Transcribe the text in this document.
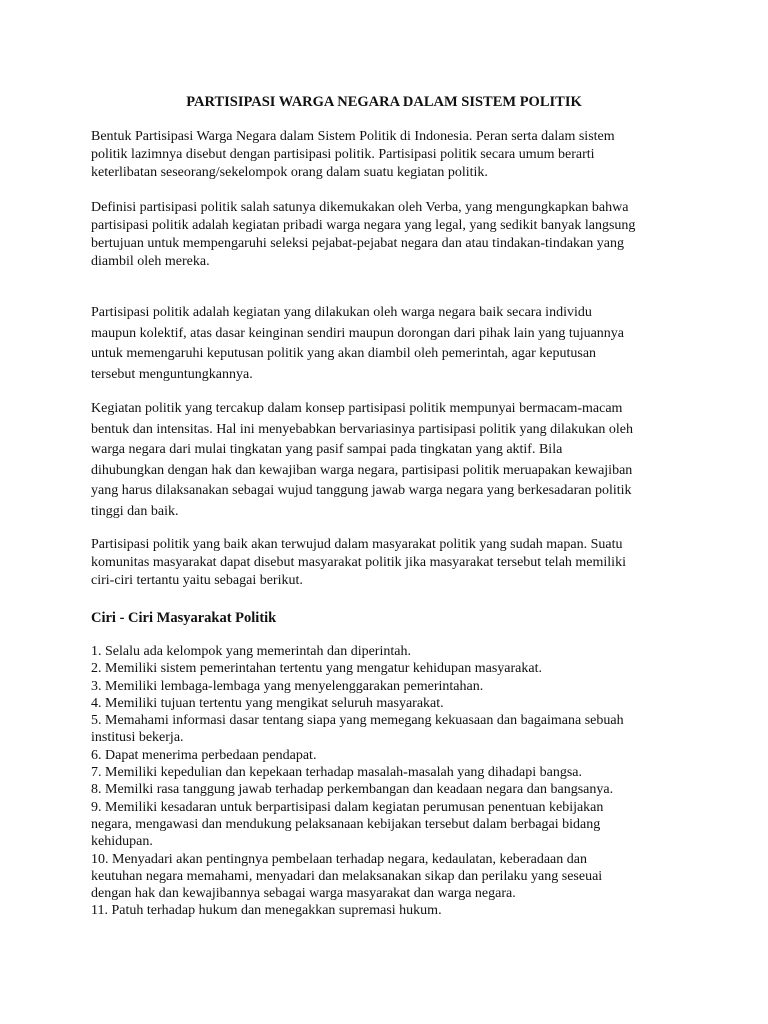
PARTISIPASI WARGA NEGARA DALAM SISTEM POLITIK

Bentuk Partisipasi Warga Negara dalam Sistem Politik di Indonesia. Peran serta dalam sistem
politik lazimnya disebut dengan partisipasi politik. Partisipasi politik secara umum berarti
keterlibatan seseorang/sekelompok orang dalam suatu kegiatan politik.

Definisi partisipasi politik salah satunya dikemukakan oleh Verba, yang mengungkapkan bahwa
partisipasi politik adalah kegiatan pribadi warga negara yang legal, yang sedikit banyak langsung
bertujuan untuk mempengaruhi seleksi pejabat-pejabat negara dan atau tindakan-tindakan yang
diambil oleh mereka.

Partisipasi politik adalah kegiatan yang dilakukan oleh warga negara baik secara individu
maupun kolektif, atas dasar keinginan sendiri maupun dorongan dari pihak lain yang tujuannya
untuk memengaruhi keputusan politik yang akan diambil oleh pemerintah, agar keputusan
tersebut menguntungkannya.

Kegiatan politik yang tercakup dalam konsep partisipasi politik mempunyai bermacam-macam
bentuk dan intensitas. Hal ini menyebabkan bervariasinya partisipasi politik yang dilakukan oleh
warga negara dari mulai tingkatan yang pasif sampai pada tingkatan yang aktif. Bila
dihubungkan dengan hak dan kewajiban warga negara, partisipasi politik meruapakan kewajiban
yang harus dilaksanakan sebagai wujud tanggung jawab warga negara yang berkesadaran politik
tinggi dan baik.

Partisipasi politik yang baik akan terwujud dalam masyarakat politik yang sudah mapan. Suatu
komunitas masyarakat dapat disebut masyarakat politik jika masyarakat tersebut telah memiliki
ciri-ciri tertantu yaitu sebagai berikut.

Ciri - Ciri Masyarakat Politik
1. Selalu ada kelompok yang memerintah dan diperintah.
2. Memiliki sistem pemerintahan tertentu yang mengatur kehidupan masyarakat.
3. Memiliki lembaga-lembaga yang menyelenggarakan pemerintahan.
4. Memiliki tujuan tertentu yang mengikat seluruh masyarakat.
5. Memahami informasi dasar tentang siapa yang memegang kekuasaan dan bagaimana sebuah
institusi bekerja.
6. Dapat menerima perbedaan pendapat.
7. Memiliki kepedulian dan kepekaan terhadap masalah-masalah yang dihadapi bangsa.
8. Memilki rasa tanggung jawab terhadap perkembangan dan keadaan negara dan bangsanya.
9. Memiliki kesadaran untuk berpartisipasi dalam kegiatan perumusan penentuan kebijakan
negara, mengawasi dan mendukung pelaksanaan kebijakan tersebut dalam berbagai bidang
kehidupan.
10. Menyadari akan pentingnya pembelaan terhadap negara, kedaulatan, keberadaan dan
keutuhan negara memahami, menyadari dan melaksanakan sikap dan perilaku yang seseuai
dengan hak dan kewajibannya sebagai warga masyarakat dan warga negara.
11. Patuh terhadap hukum dan menegakkan supremasi hukum.
